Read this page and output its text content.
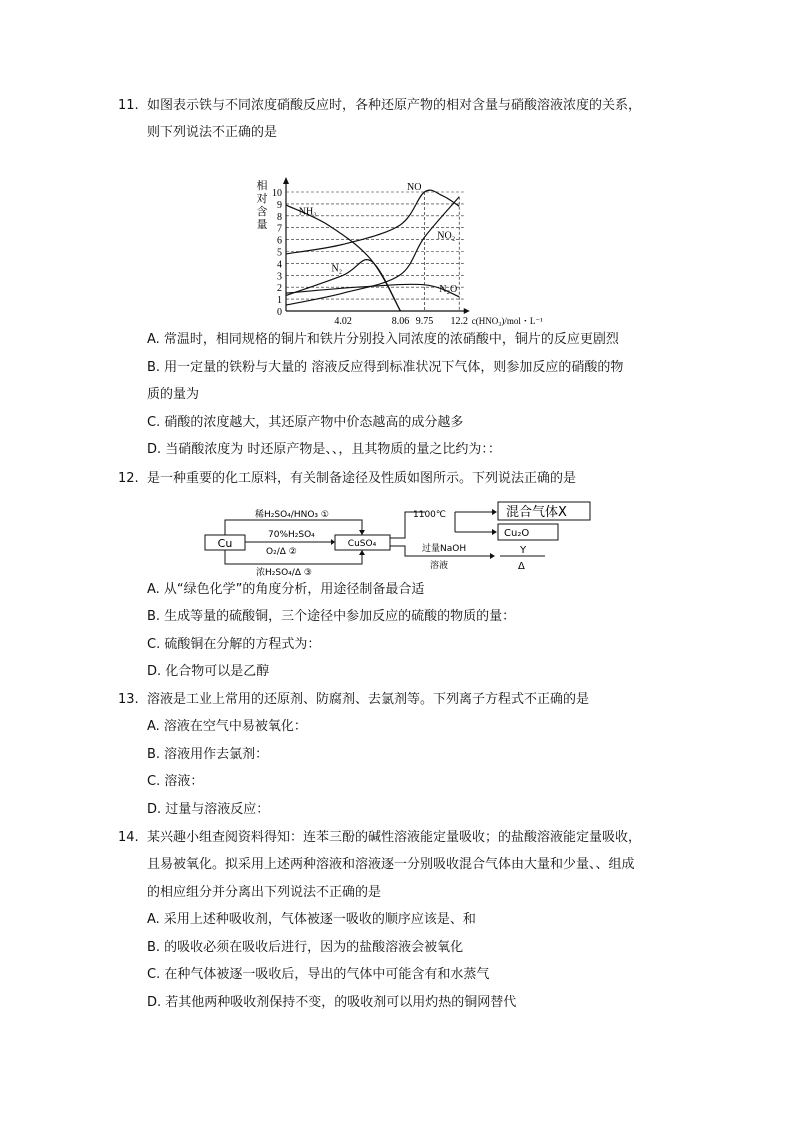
11. 如图表示铁与不同浓度硝酸反应时，各种还原产物的相对含量与硝酸溶液浓度的关系，
则下列说法不正确的是
0
1
2
3
4
5
6
7
8
9
10
4.02	8.06 9.75 12.2 c(HNO₃)/mol・L⁻¹
相
对
含
量
NO
NO₂
NH₃
N₂
N₂O
A. 常温时，相同规格的铜片和铁片分别投入同浓度的浓硝酸中，铜片的反应更剧烈
B. 用一定量的铁粉与大量的 溶液反应得到标准状况下气体，则参加反应的硝酸的物
质的量为
C. 硝酸的浓度越大，其还原产物中价态越高的成分越多
D. 当硝酸浓度为 时还原产物是、、，且其物质的量之比约为：：
12. 是一种重要的化工原料，有关制备途径及性质如图所示。下列说法正确的是
Cu	CuSO₄
稀H₂SO₄/HNO₃ ①
70%H₂SO₄
O₂/Δ ②
浓H₂SO₄/Δ ③
1100℃	混合气体X
Cu₂O
过量NaOH
溶液
Y
Δ
A. 从“绿色化学”的角度分析，用途径制备最合适
B. 生成等量的硫酸铜，三个途径中参加反应的硫酸的物质的量：
C. 硫酸铜在分解的方程式为：
D. 化合物可以是乙醇
13. 溶液是工业上常用的还原剂、防腐剂、去氯剂等。下列离子方程式不正确的是
A. 溶液在空气中易被氧化：
B. 溶液用作去氯剂：
C. 溶液：
D. 过量与溶液反应：
14. 某兴趣小组查阅资料得知：连苯三酚的碱性溶液能定量吸收；的盐酸溶液能定量吸收，
且易被氧化。拟采用上述两种溶液和溶液逐一分别吸收混合气体由大量和少量、、组成
的相应组分并分离出下列说法不正确的是
A. 采用上述种吸收剂，气体被逐一吸收的顺序应该是、和
B. 的吸收必须在吸收后进行，因为的盐酸溶液会被氧化
C. 在种气体被逐一吸收后，导出的气体中可能含有和水蒸气
D. 若其他两种吸收剂保持不变，的吸收剂可以用灼热的铜网替代
